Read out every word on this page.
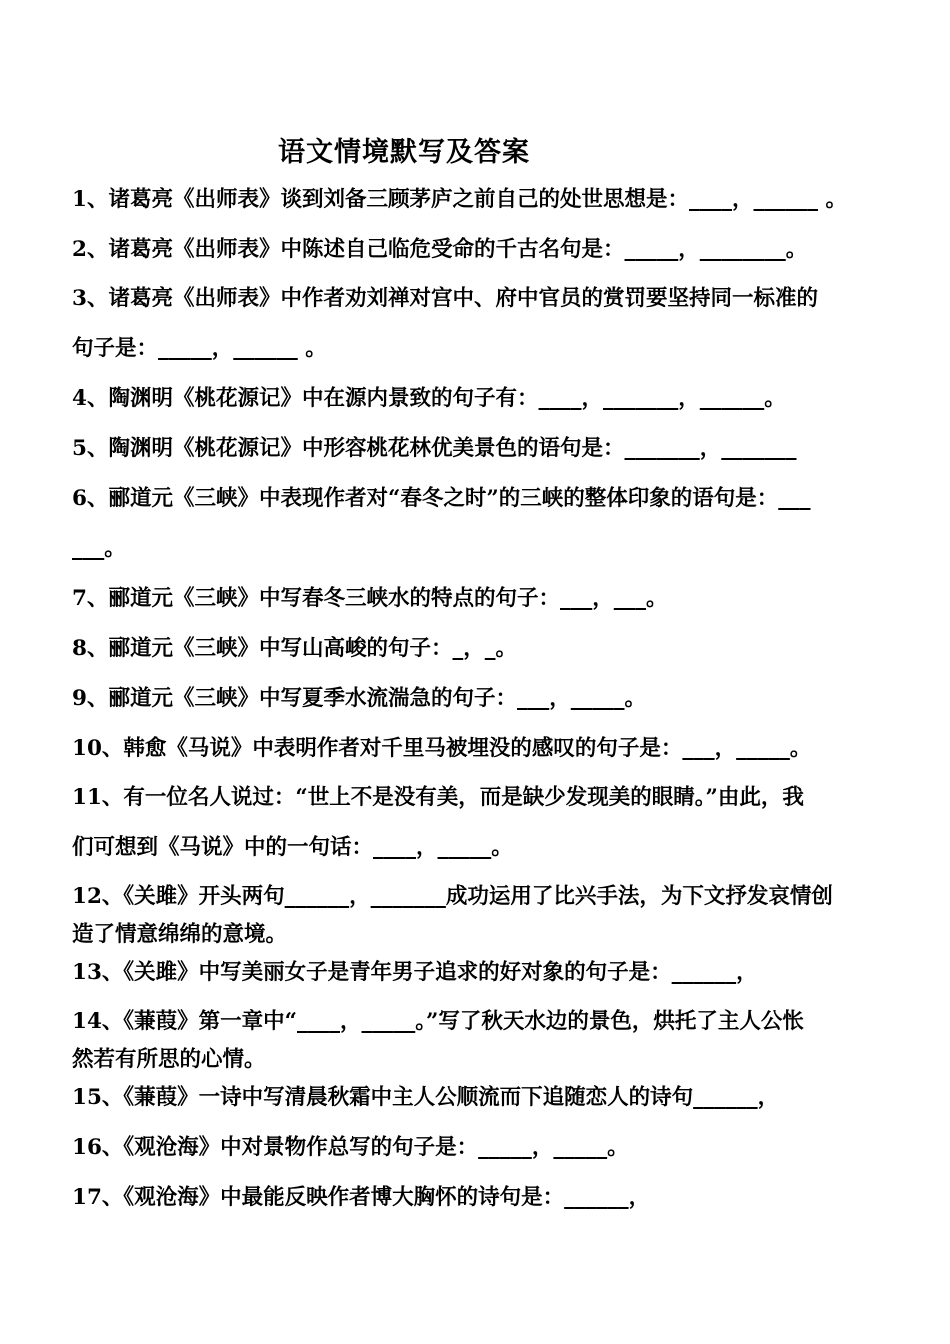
语文情境默写及答案
1、诸葛亮《出师表》谈到刘备三顾茅庐之前自己的处世思想是：____，______ 。
2、诸葛亮《出师表》中陈述自己临危受命的千古名句是：_____，________。
3、诸葛亮《出师表》中作者劝刘禅对宫中、府中官员的赏罚要坚持同一标准的
句子是：_____，______ 。
4、陶渊明《桃花源记》中在源内景致的句子有：____，_______，______。
5、陶渊明《桃花源记》中形容桃花林优美景色的语句是：_______，_______
6、郦道元《三峡》中表现作者对“春冬之时”的三峡的整体印象的语句是：___
___。
7、郦道元《三峡》中写春冬三峡水的特点的句子：___，___。
8、郦道元《三峡》中写山高峻的句子：_，_。
9、郦道元《三峡》中写夏季水流湍急的句子：___，_____。
10、韩愈《马说》中表明作者对千里马被埋没的感叹的句子是：___，_____。
11、有一位名人说过：“世上不是没有美，而是缺少发现美的眼睛。”由此，我
们可想到《马说》中的一句话：____，_____。
12、《关雎》开头两句______，_______成功运用了比兴手法，为下文抒发哀情创
造了情意绵绵的意境。
13、《关雎》中写美丽女子是青年男子追求的好对象的句子是：______，
14、《蒹葭》第一章中“____，_____。”写了秋天水边的景色，烘托了主人公怅
然若有所思的心情。
15、《蒹葭》一诗中写清晨秋霜中主人公顺流而下追随恋人的诗句______，
16、《观沧海》中对景物作总写的句子是：_____，_____。
17、《观沧海》中最能反映作者博大胸怀的诗句是：______，
